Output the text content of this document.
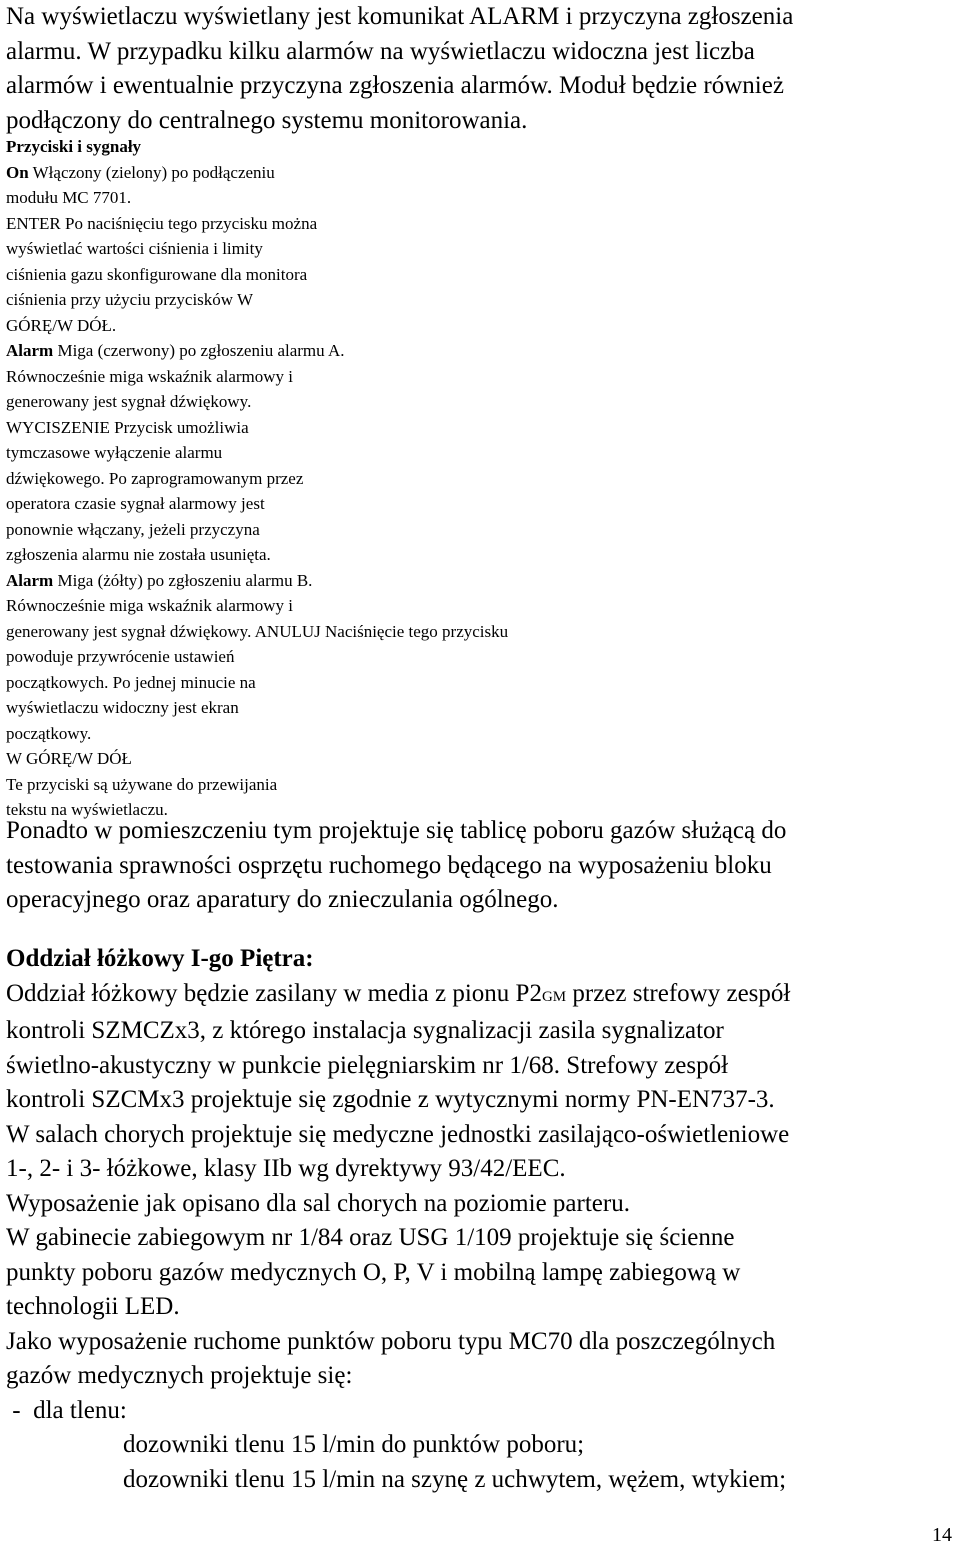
Na wyświetlaczu wyświetlany jest komunikat ALARM i przyczyna zgłoszenia

alarmu. W przypadku kilku alarmów na wyświetlaczu widoczna jest liczba

alarmów i ewentualnie przyczyna zgłoszenia alarmów. Moduł będzie również

podłączony do centralnego systemu monitorowania.

Przyciski i sygnały

On Włączony (zielony) po podłączeniu

modułu MC 7701.

ENTER Po naciśnięciu tego przycisku można

wyświetlać wartości ciśnienia i limity

ciśnienia gazu skonfigurowane dla monitora

ciśnienia przy użyciu przycisków W

GÓRĘ/W DÓŁ.

Alarm Miga (czerwony) po zgłoszeniu alarmu A.

Równocześnie miga wskaźnik alarmowy i

generowany jest sygnał dźwiękowy.

WYCISZENIE Przycisk umożliwia

tymczasowe wyłączenie alarmu

dźwiękowego. Po zaprogramowanym przez

operatora czasie sygnał alarmowy jest

ponownie włączany, jeżeli przyczyna

zgłoszenia alarmu nie została usunięta.

Alarm Miga (żółty) po zgłoszeniu alarmu B.

Równocześnie miga wskaźnik alarmowy i

generowany jest sygnał dźwiękowy. ANULUJ Naciśnięcie tego przycisku

powoduje przywrócenie ustawień

początkowych. Po jednej minucie na

wyświetlaczu widoczny jest ekran

początkowy.

W GÓRĘ/W DÓŁ

Te przyciski są używane do przewijania

tekstu na wyświetlaczu.

Ponadto w pomieszczeniu tym projektuje się tablicę poboru gazów służącą do

testowania sprawności osprzętu ruchomego będącego na wyposażeniu bloku

operacyjnego oraz aparatury do znieczulania ogólnego.

Oddział łóżkowy I-go Piętra:

Oddział łóżkowy będzie zasilany w media z pionu P2GM przez strefowy zespół

kontroli SZMCZx3, z którego instalacja sygnalizacji zasila sygnalizator

świetlno-akustyczny w punkcie pielęgniarskim nr 1/68. Strefowy zespół

kontroli SZCMx3 projektuje się zgodnie z wytycznymi normy PN-EN737-3.

W salach chorych projektuje się medyczne jednostki zasilająco-oświetleniowe

1-, 2- i 3- łóżkowe, klasy IIb wg dyrektywy 93/42/EEC.

Wyposażenie jak opisano dla sal chorych na poziomie parteru.

W gabinecie zabiegowym nr 1/84 oraz USG 1/109 projektuje się ścienne

punkty poboru gazów medycznych O, P, V i mobilną lampę zabiegową w

technologii LED.

Jako wyposażenie ruchome punktów poboru typu MC70 dla poszczególnych

gazów medycznych projektuje się:

-  dla tlenu:

dozowniki tlenu 15 l/min do punktów poboru;

dozowniki tlenu 15 l/min na szynę z uchwytem, wężem, wtykiem;

14
